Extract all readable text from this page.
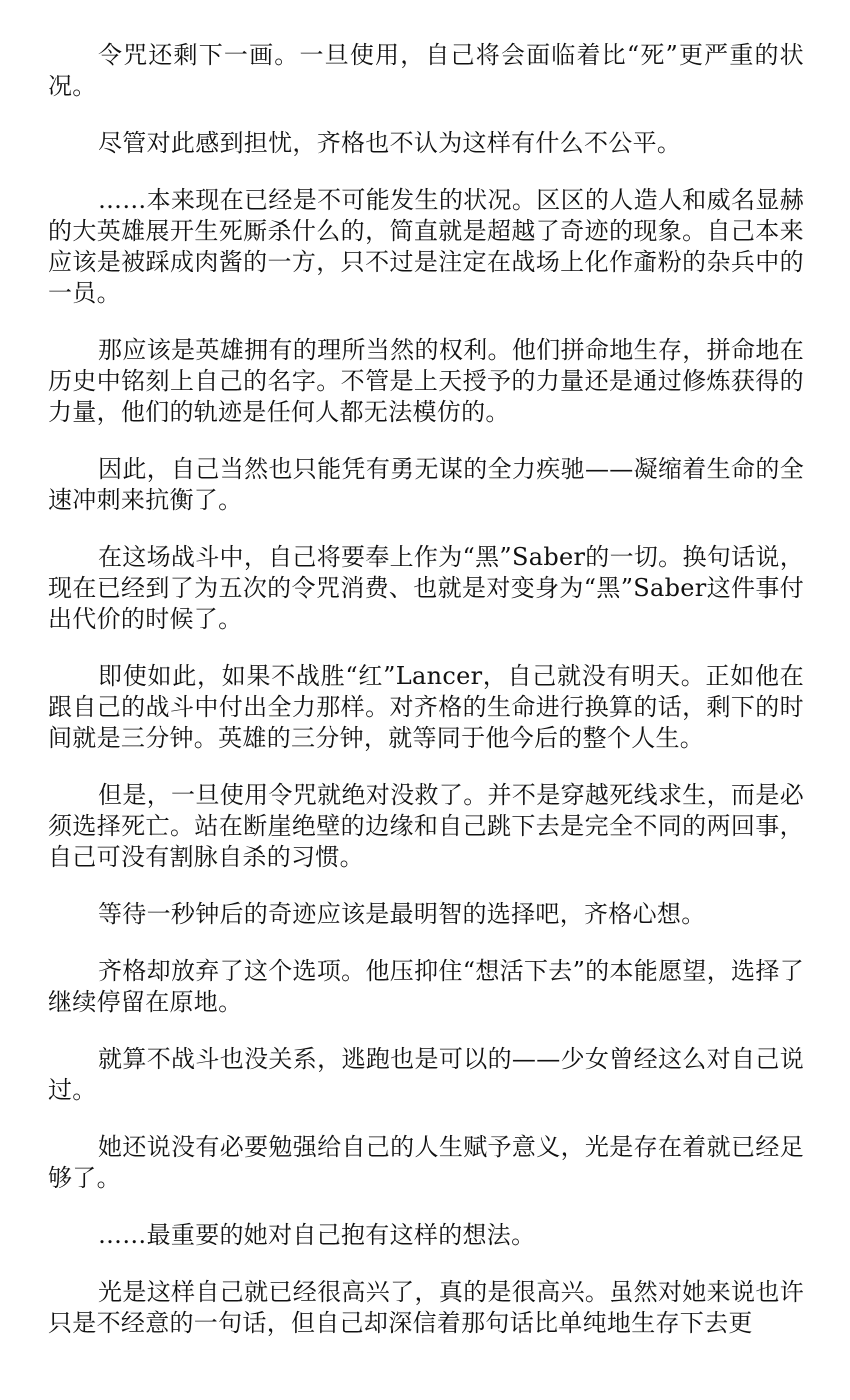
令咒还剩下一画。一旦使用，自己将会面临着比“死”更严重的状况。

尽管对此感到担忧，齐格也不认为这样有什么不公平。

……本来现在已经是不可能发生的状况。区区的人造人和威名显赫的大英雄展开生死厮杀什么的，简直就是超越了奇迹的现象。自己本来应该是被踩成肉酱的一方，只不过是注定在战场上化作齑粉的杂兵中的一员。

那应该是英雄拥有的理所当然的权利。他们拼命地生存，拼命地在历史中铭刻上自己的名字。不管是上天授予的力量还是通过修炼获得的力量，他们的轨迹是任何人都无法模仿的。

因此，自己当然也只能凭有勇无谋的全力疾驰——凝缩着生命的全速冲刺来抗衡了。

在这场战斗中，自己将要奉上作为“黑”Saber的一切。换句话说，现在已经到了为五次的令咒消费、也就是对变身为“黑”Saber这件事付出代价的时候了。

即使如此，如果不战胜“红”Lancer，自己就没有明天。正如他在跟自己的战斗中付出全力那样。对齐格的生命进行换算的话，剩下的时间就是三分钟。英雄的三分钟，就等同于他今后的整个人生。

但是，一旦使用令咒就绝对没救了。并不是穿越死线求生，而是必须选择死亡。站在断崖绝壁的边缘和自己跳下去是完全不同的两回事，自己可没有割脉自杀的习惯。

等待一秒钟后的奇迹应该是最明智的选择吧，齐格心想。

齐格却放弃了这个选项。他压抑住“想活下去”的本能愿望，选择了继续停留在原地。

就算不战斗也没关系，逃跑也是可以的——少女曾经这么对自己说过。

她还说没有必要勉强给自己的人生赋予意义，光是存在着就已经足够了。

……最重要的她对自己抱有这样的想法。

光是这样自己就已经很高兴了，真的是很高兴。虽然对她来说也许只是不经意的一句话，但自己却深信着那句话比单纯地生存下去更
